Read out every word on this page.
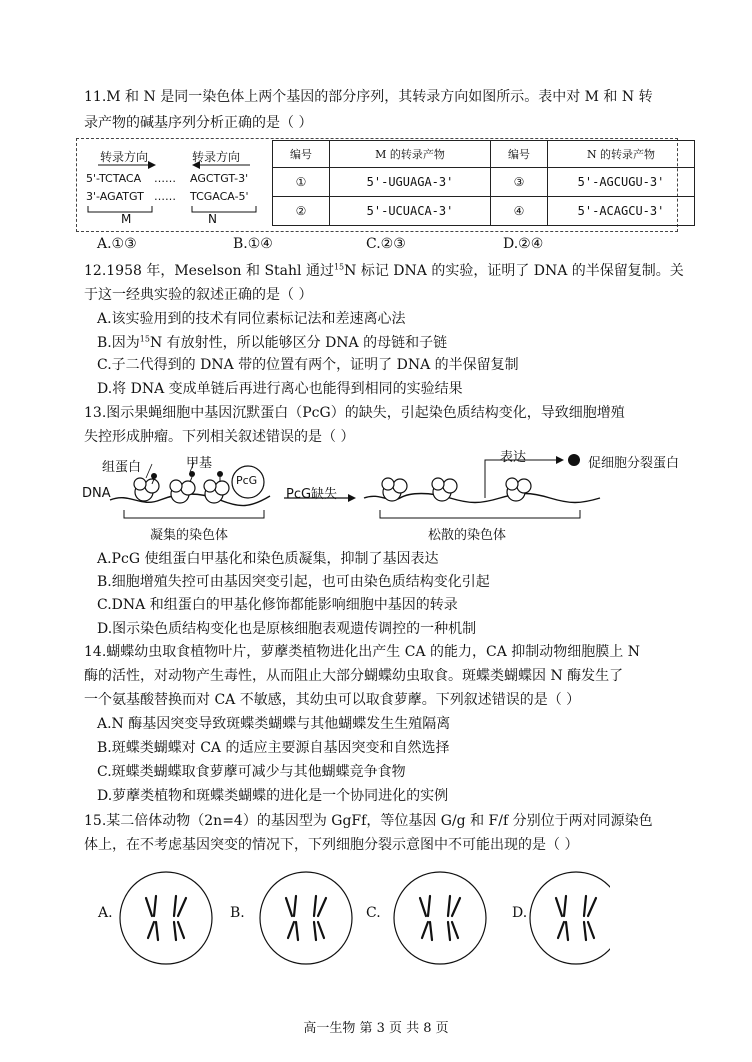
11.M 和 N 是同一染色体上两个基因的部分序列，其转录方向如图所示。表中对 M 和 N 转
录产物的碱基序列分析正确的是（ ）
转录方向	转录方向
5'-TCTACA
3'-AGATGT
……
……
AGCTGT-3'
TCGACA-5'
M	N
编号	M 的转录产物	编号	N 的转录产物
①	5'-UGUAGA-3'	③	5'-AGCUGU-3'
②	5'-UCUACA-3'	④	5'-ACAGCU-3'
A.①③	B.①④	C.②③	D.②④
12.1958 年，Meselson 和 Stahl 通过$^{15}$N 标记 DNA 的实验，证明了 DNA 的半保留复制。关
于这一经典实验的叙述正确的是（ ）
A.该实验用到的技术有同位素标记法和差速离心法
B.因为$^{15}$N 有放射性，所以能够区分 DNA 的母链和子链
C.子二代得到的 DNA 带的位置有两个，证明了 DNA 的半保留复制
D.将 DNA 变成单链后再进行离心也能得到相同的实验结果
13.图示果蝇细胞中基因沉默蛋白（PcG）的缺失，引起染色质结构变化，导致细胞增殖
失控形成肿瘤。下列相关叙述错误的是（ ）
组蛋白	甲基
DNA
PcG
PcG缺失
表达	促细胞分裂蛋白
凝集的染色体	松散的染色体
A.PcG 使组蛋白甲基化和染色质凝集，抑制了基因表达
B.细胞增殖失控可由基因突变引起，也可由染色质结构变化引起
C.DNA 和组蛋白的甲基化修饰都能影响细胞中基因的转录
D.图示染色质结构变化也是原核细胞表观遗传调控的一种机制
14.蝴蝶幼虫取食植物叶片，萝藦类植物进化出产生 CA 的能力，CA 抑制动物细胞膜上 N
酶的活性，对动物产生毒性，从而阻止大部分蝴蝶幼虫取食。斑蝶类蝴蝶因 N 酶发生了
一个氨基酸替换而对 CA 不敏感，其幼虫可以取食萝藦。下列叙述错误的是（ ）
A.N 酶基因突变导致斑蝶类蝴蝶与其他蝴蝶发生生殖隔离
B.斑蝶类蝴蝶对 CA 的适应主要源自基因突变和自然选择
C.斑蝶类蝴蝶取食萝藦可减少与其他蝴蝶竞争食物
D.萝藦类植物和斑蝶类蝴蝶的进化是一个协同进化的实例
15.某二倍体动物（2n=4）的基因型为 GgFf，等位基因 G/g 和 F/f 分别位于两对同源染色
体上，在不考虑基因突变的情况下，下列细胞分裂示意图中不可能出现的是（ ）
A.	B.	C.	D.
高一生物 第 3 页 共 8 页
